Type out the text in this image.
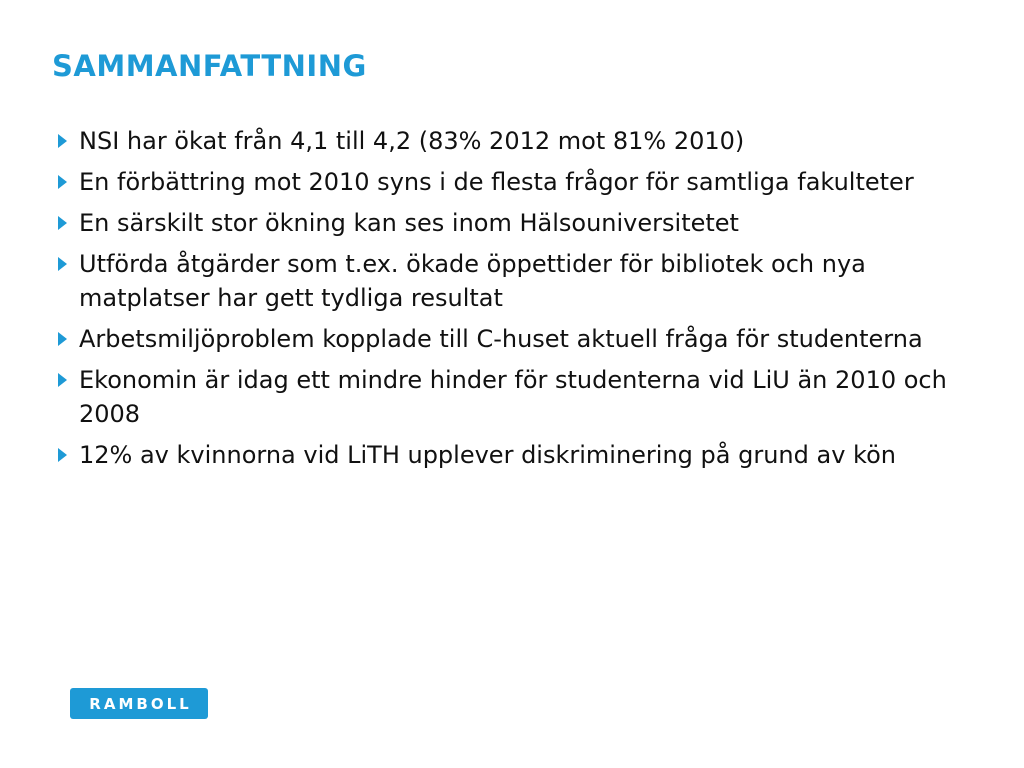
SAMMANFATTNING
NSI har ökat från 4,1 till 4,2 (83% 2012 mot 81% 2010)
En förbättring mot 2010 syns i de flesta frågor för samtliga fakulteter
En särskilt stor ökning kan ses inom Hälsouniversitetet
Utförda åtgärder som t.ex. ökade öppettider för bibliotek och nya matplatser har gett tydliga resultat
Arbetsmiljöproblem kopplade till C-huset aktuell fråga för studenterna
Ekonomin är idag ett mindre hinder för studenterna vid LiU än 2010 och 2008
12% av kvinnorna vid LiTH upplever diskriminering på grund av kön
RAMBOLL
